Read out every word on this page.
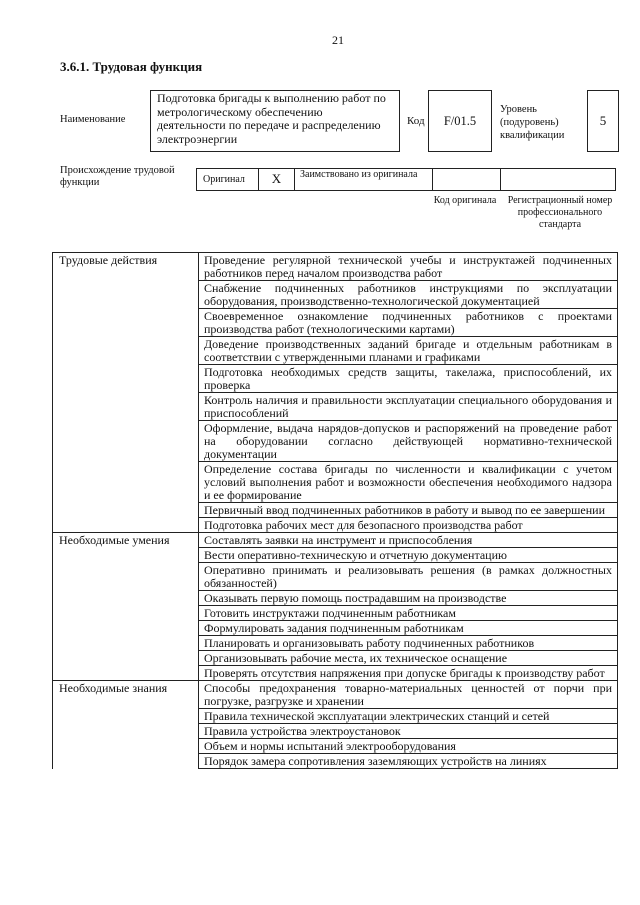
21
3.6.1. Трудовая функция
Наименование
Подготовка бригады к выполнению работ по метрологическому обеспечению деятельности по передаче и распределению электроэнергии
Код	F/01.5
Уровень (подуровень) квалификации
5
Происхождение трудовой функции	Оригинал	X	Заимствовано из оригинала
Код оригинала	Регистрационный номер профессионального стандарта
Трудовые действия	Проведение регулярной технической учебы и инструктажей подчиненных работников перед началом производства работ
	Снабжение подчиненных работников инструкциями по эксплуатации оборудования, производственно-технологической документацией
	Своевременное ознакомление подчиненных работников с проектами производства работ (технологическими картами)
	Доведение производственных заданий бригаде и отдельным работникам в соответствии с утвержденными планами и графиками
	Подготовка необходимых средств защиты, такелажа, приспособлений, их проверка
	Контроль наличия и правильности эксплуатации специального оборудования и приспособлений
	Оформление, выдача нарядов-допусков и распоряжений на проведение работ на оборудовании согласно действующей нормативно-технической документации
	Определение состава бригады по численности и квалификации с учетом условий выполнения работ и возможности обеспечения необходимого надзора и ее формирование
	Первичный ввод подчиненных работников в работу и вывод по ее завершении
	Подготовка рабочих мест для безопасного производства работ
Необходимые умения	Составлять заявки на инструмент и приспособления
	Вести оперативно-техническую и отчетную документацию
	Оперативно принимать и реализовывать решения (в рамках должностных обязанностей)
	Оказывать первую помощь пострадавшим на производстве
	Готовить инструктажи подчиненным работникам
	Формулировать задания подчиненным работникам
	Планировать и организовывать работу подчиненных работников
	Организовывать рабочие места, их техническое оснащение
	Проверять отсутствия напряжения при допуске бригады к производству работ
Необходимые знания	Способы предохранения товарно-материальных ценностей от порчи при погрузке, разгрузке и хранении
	Правила технической эксплуатации электрических станций и сетей
	Правила устройства электроустановок
	Объем и нормы испытаний электрооборудования
	Порядок замера сопротивления заземляющих устройств на линиях
